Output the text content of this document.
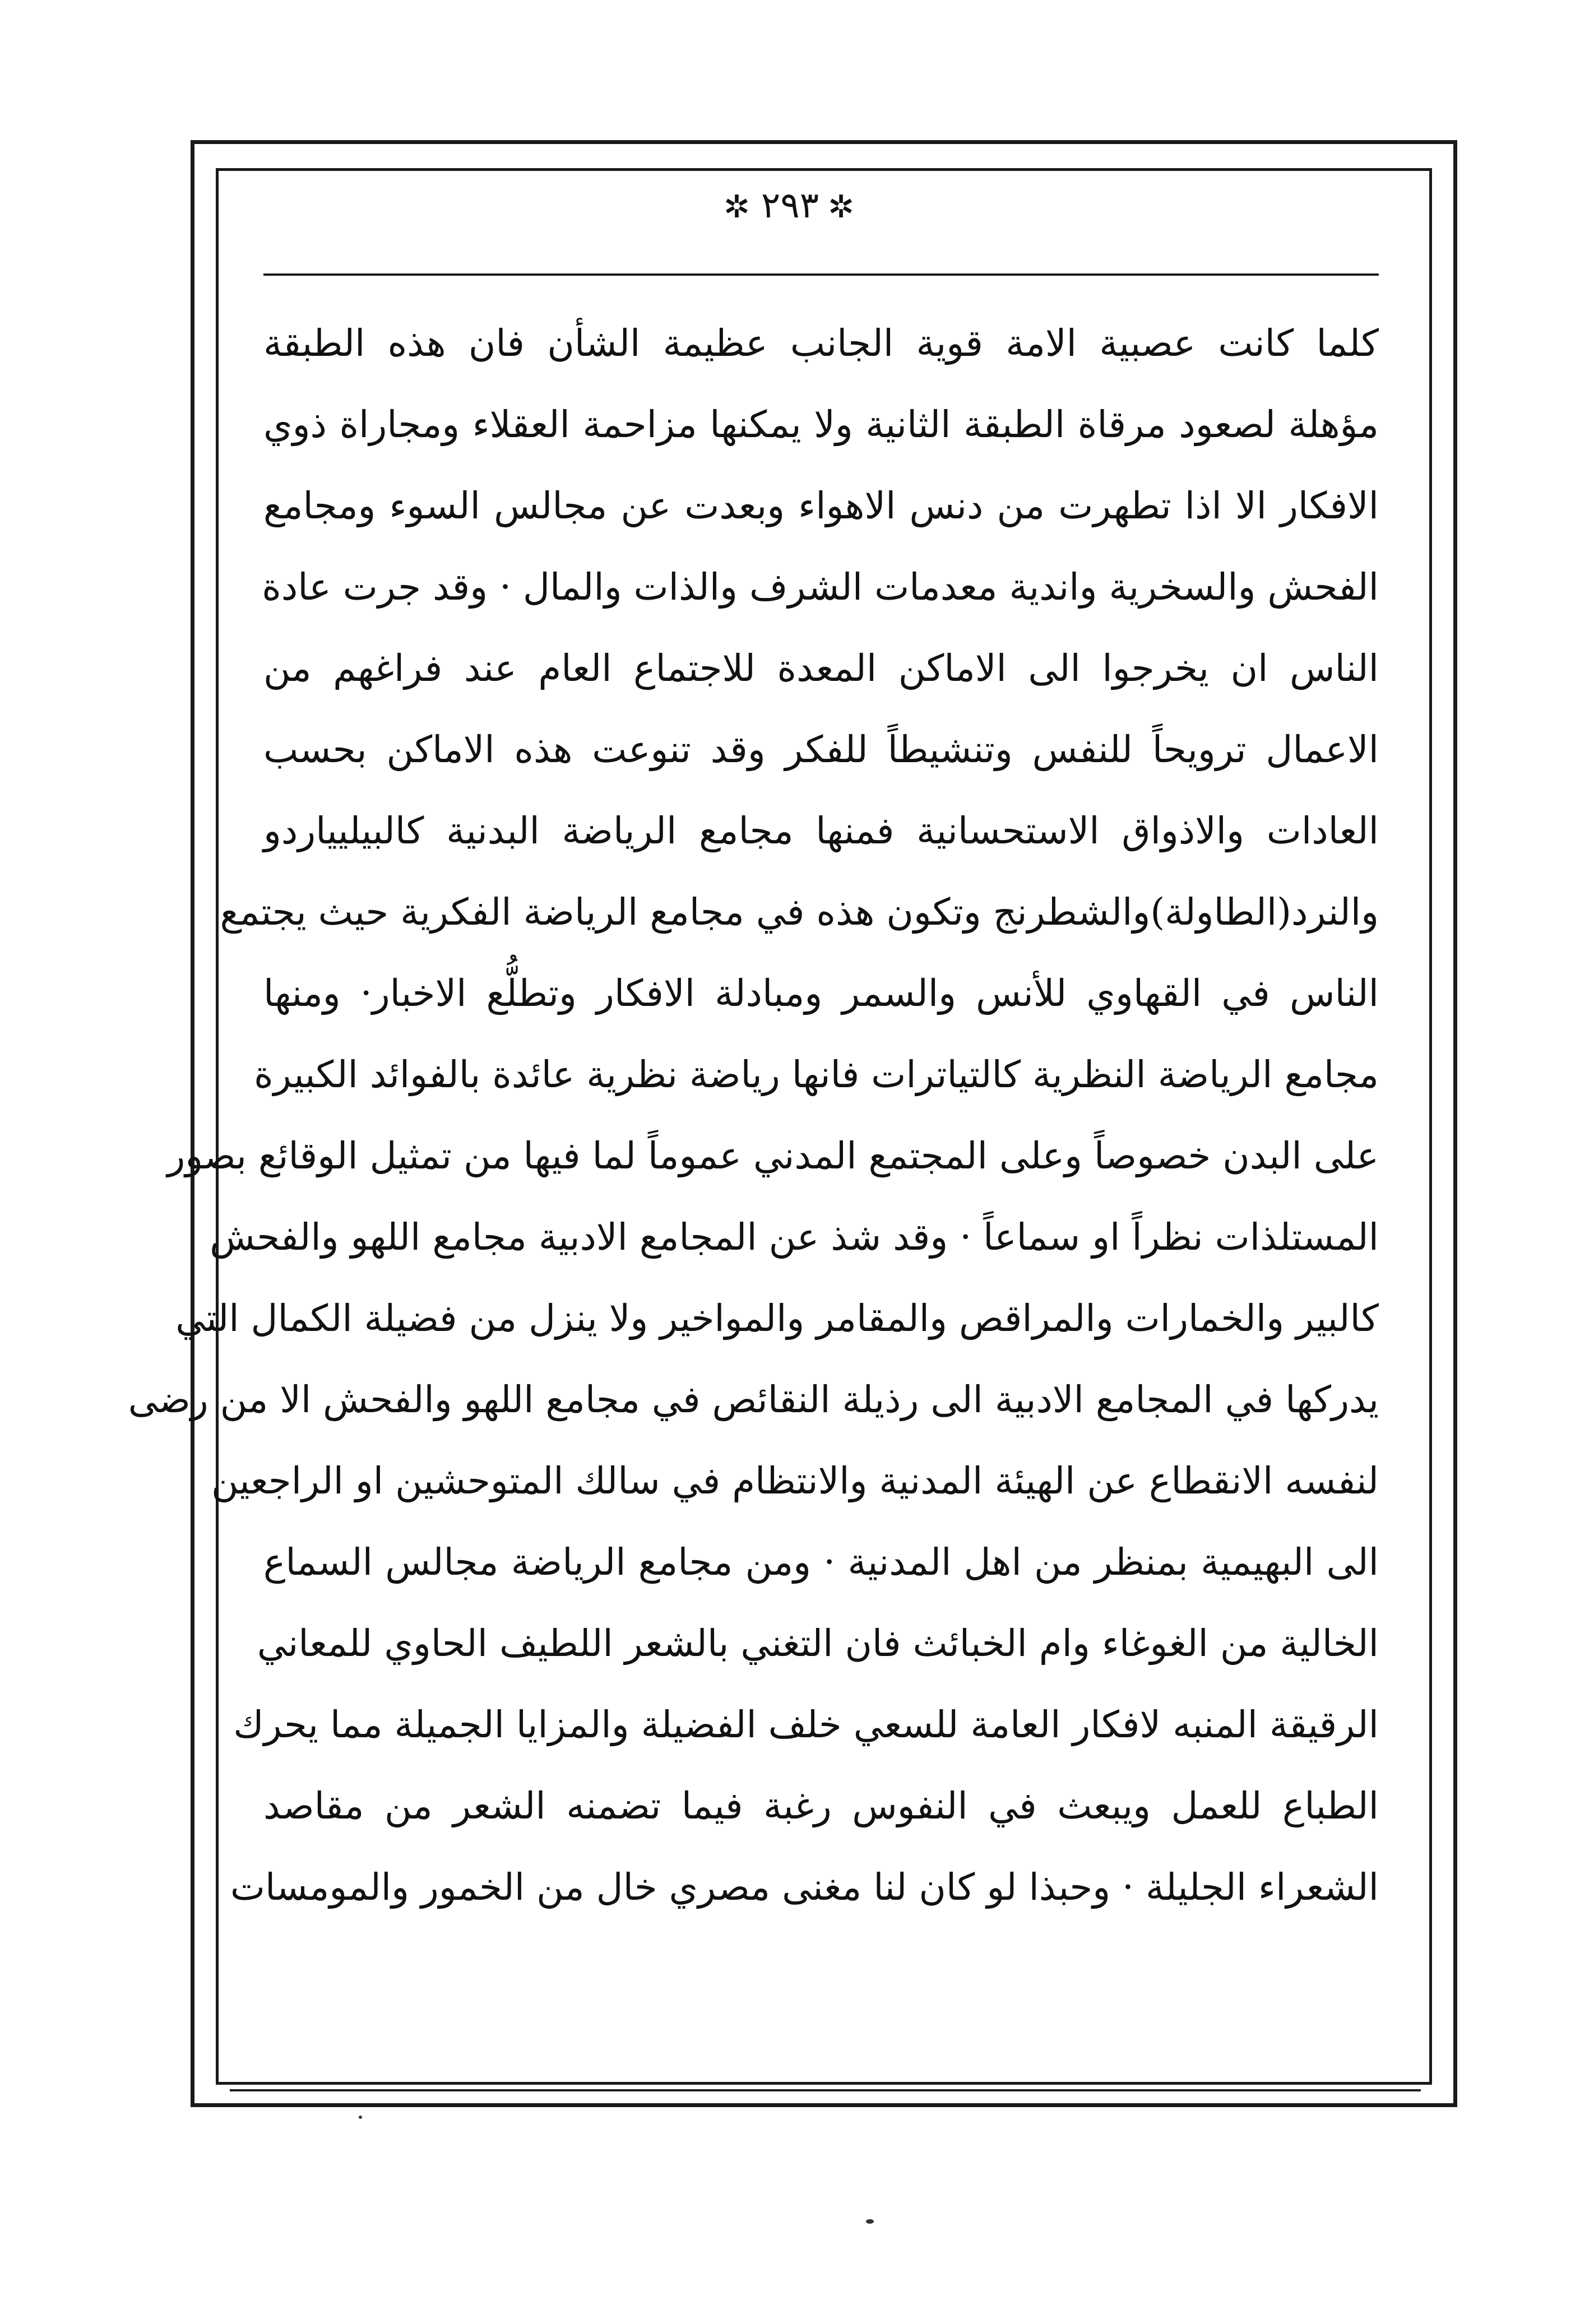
✲٢٩٣✲
كلما كانت عصبية الامة قوية الجانب عظيمة الشأن فان هذه الطبقة
مؤهلة لصعود مرقاة الطبقة الثانية ولا يمكنها مزاحمة العقلاء ومجاراة ذوي
الافكار الا اذا تطهرت من دنس الاهواء وبعدت عن مجالس السوء ومجامع
الفحش والسخرية واندية معدمات الشرف والذات والمال · وقد جرت عادة
الناس ان يخرجوا الى الاماكن المعدة للاجتماع العام عند فراغهم من
الاعمال ترويحاً للنفس وتنشيطاً للفكر وقد تنوعت هذه الاماكن بحسب
العادات والاذواق الاستحسانية فمنها مجامع الرياضة البدنية كالبيليياردو
والنرد(الطاولة)والشطرنج وتكون هذه في مجامع الرياضة الفكرية حيث يجتمع
الناس في القهاوي للأنس والسمر ومبادلة الافكار وتطلُّع الاخبار· ومنها
مجامع الرياضة النظرية كالتياترات فانها رياضة نظرية عائدة بالفوائد الكبيرة
على البدن خصوصاً وعلى المجتمع المدني عموماً لما فيها من تمثيل الوقائع بصور
المستلذات نظراً او سماعاً · وقد شذ عن المجامع الادبية مجامع اللهو والفحش
كالبير والخمارات والمراقص والمقامر والمواخير ولا ينزل من فضيلة الكمال التي
يدركها في المجامع الادبية الى رذيلة النقائص في مجامع اللهو والفحش الا من رضى
لنفسه الانقطاع عن الهيئة المدنية والانتظام في سالك المتوحشين او الراجعين
الى البهيمية بمنظر من اهل المدنية · ومن مجامع الرياضة مجالس السماع
الخالية من الغوغاء وام الخبائث فان التغني بالشعر اللطيف الحاوي للمعاني
الرقيقة المنبه لافكار العامة للسعي خلف الفضيلة والمزايا الجميلة مما يحرك
الطباع للعمل ويبعث في النفوس رغبة فيما تضمنه الشعر من مقاصد
الشعراء الجليلة · وحبذا لو كان لنا مغنى مصري خال من الخمور والمومسات
